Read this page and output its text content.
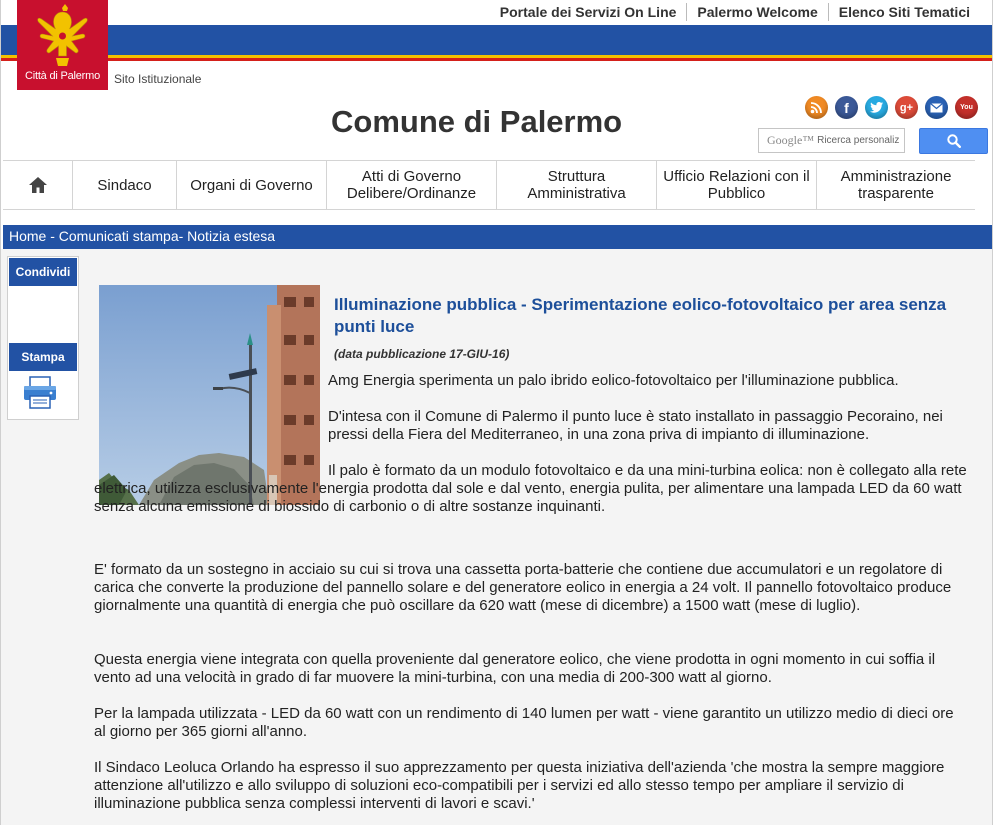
Città di Palermo	Sito Istituzionale
Portale dei Servizi On Line	Palermo Welcome	Elenco Siti Tematici
Comune di Palermo	f	g+	You
Google™ Ricerca personaliz
Sindaco	Organi di Governo	Atti di Governo Delibere/Ordinanze
Struttura Amministrativa
Ufficio Relazioni con il Pubblico
Amministrazione trasparente
Home - Comunicati stampa- Notizia estesa
Condividi
Stampa
Illuminazione pubblica - Sperimentazione eolico-fotovoltaico per area senza punti luce
(data pubblicazione 17-GIU-16)
Amg Energia sperimenta un palo ibrido eolico-fotovoltaico per l'illuminazione pubblica.
D'intesa con il Comune di Palermo il punto luce è stato installato in passaggio Pecoraino, nei pressi della Fiera del Mediterraneo, in una zona priva di impianto di illuminazione.
Il palo è formato da un modulo fotovoltaico e da una mini-turbina eolica: non è collegato alla rete elettrica, utilizza esclusivamente l'energia prodotta dal sole e dal vento, energia pulita, per alimentare una lampada LED da 60 watt senza alcuna emissione di biossido di carbonio o di altre sostanze inquinanti.
E' formato da un sostegno in acciaio su cui si trova una cassetta porta-batterie che contiene due accumulatori e un regolatore di carica che converte la produzione del pannello solare e del generatore eolico in energia a 24 volt. Il pannello fotovoltaico produce giornalmente una quantità di energia che può oscillare da 620 watt (mese di dicembre) a 1500 watt (mese di luglio).
Questa energia viene integrata con quella proveniente dal generatore eolico, che viene prodotta in ogni momento in cui soffia il vento ad una velocità in grado di far muovere la mini-turbina, con una media di 200-300 watt al giorno.
Per la lampada utilizzata - LED da 60 watt con un rendimento di 140 lumen per watt - viene garantito un utilizzo medio di dieci ore al giorno per 365 giorni all'anno.
Il Sindaco Leoluca Orlando ha espresso il suo apprezzamento per questa iniziativa dell'azienda 'che mostra la sempre maggiore attenzione all'utilizzo e allo sviluppo di soluzioni eco-compatibili per i servizi ed allo stesso tempo per ampliare il servizio di illuminazione pubblica senza complessi interventi di lavori e scavi.'
